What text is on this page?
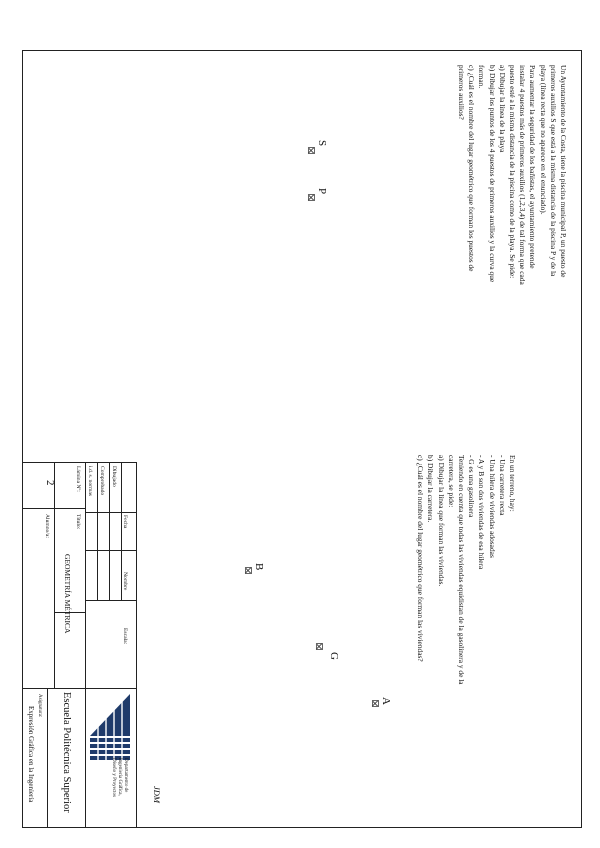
Un Ayuntamiento de la Costa, tiene la piscina municipal P, un puesto de
primeros auxilios S que está a la misma distancia de la piscina P y de la
playa (línea recta que no aparece en el enunciado).
Para aumentar la seguridad de los bañistas, el ayuntamiento pretende
instalar 4 puestos más de primeros auxilios (1,2,3,4) de tal forma que cada
puesto esté a la misma distancia de la piscina como de la playa. Se pide:
a) Dibujar la línea de la playa
b) Dibujar los puntos de los 4 puestos de primeros auxilios y la curva que
forman.
c) ¿Cuál es el nombre del lugar geométrico que forman los puestos de
primeros auxilios?
S
P
En un terreno, hay:
- Una carretera recta
- Una hilera de viviendas adosadas
- A y B son dos viviendas de esa hilera
- G es una gasolinera
Teniendo en cuenta que todas las viviendas equidistan de la gasolinera y de la
carretera, se pide:
a) Dibujar la línea que forman las viviendas.
b) Dibujar la carretera.
c) ¿Cuál es el nombre del lugar geométrico que forman las viviendas?
B
G
A
JDM
Fecha
Nombre
Escala:
Dibujado
Comprobado
i.d. s. normas
Título:
GEOMETRÍA MÉTRICA
Lámina Nº:
2
Alumno/a:
Departamento de
Ingeniería Gráfica,
Diseño y Proyectos
Escuela Politécnica Superior
Asignatura:
Expresión Gráfica en la Ingeniería
